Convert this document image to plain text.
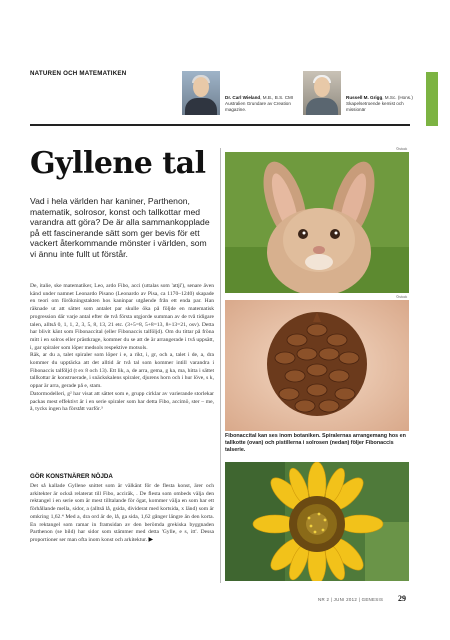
NATUREN OCH MATEMATIKEN
Dr. Carl Wieland, M.B., B.S. CMI Australien Grundare av Creation magazine.
Russell M. Grigg, M.Sc. (Hons.) Skapelsetroende kemist och missionär
Gyllene tal
Vad i hela världen har kaniner, Parthenon, matematik, solrosor, konst och tallkottar med varandra att göra? De är alla sammankopplade på ett fascinerande sätt som ger bevis för ett vackert återkommande mönster i världen, som vi ännu inte fullt ut förstår.

De, italie, ske matematiker, Leo, ardo Fibo, acci (uttalas som 'attjí'), senare även känd under namnet Leonardo Pisano (Leonardo av Pisa, ca 1170–1240) skapade en teori om förökningstakten hos kaninpar utgående från ett enda par. Han räknade ut att sättet som antalet par skulle öka på följde en matematisk progression där varje antal efter de två första utgjorde summan av de två tidigare talen, alltså 0, 1, 1, 2, 3, 5, 8, 13, 21 etc. (3+5=8, 5+8=13, 8+13=21, osv). Detta har blivit känt som Fibonaccital (eller Fibonaccis talföljd). Om du tittar på fröna mitt i en solros eller prästkrage, kommer du se att de är arrangerade i två uppsätt, i, gar spiraler som löper medsols respektive motsols.

Räk, ar du a, talet spiraler som löper i e, a rikt, i, gr, och a, talet i de, a, dra kommer du upptäcka att det alltid är två tal som kommer intill varandra i Fibonaccis talföljd (t ex 8 och 13). Ett lik, a, de arra, gema, g ka, ma, hitta i sättet tallkottar är konstruerade, i snäckskalens spiraler, djurens horn och i hur löve, s k, oppar är arra, gerade på e, stam.

Datormodelleri, g² har visat att sättet som e, grupp cirklar av varierande storlekar packas mest effektivt är i en serie spiraler som har detta Fibo, accimö, ster – me, å, tycks ingen ha förstått varför.³

GÖR KONSTNÄRER NÖJDA
Det så kallade Gyllene snittet som är välkänt för de flesta konst, ärer och arkitekter är också relaterat till Fibo, acciräk, . De flesta som ombeds välja den rektangel i en serie som är mest tilltalande för ögat, kommer välja en som har ett förhållande mella, sidor, a (alltså lå, gsida, dividerat med kortsida, x länd) som är omkring 1,62.⁴ Med a, dra ord är de, lå, ga sida, 1,62 gånger längre än den korta. En rektangel som ramar in framsidan av den berömda grekiska byggnaden Parthenon (se bild) har sidor som stämmer med detta 'Gylle, e s, itt'. Dessa proportioner ser man ofta inom konst och arkitektur. ▶
©istock
©istock
Fibonaccital kan ses inom botaniken. Spiralernas arrangemang hos en tallkotte (ovan) och pistillerna i solrosen (nedan) följer Fibonaccis talserie.
NR 2 | JUNI 2012 | GENESIS 29
